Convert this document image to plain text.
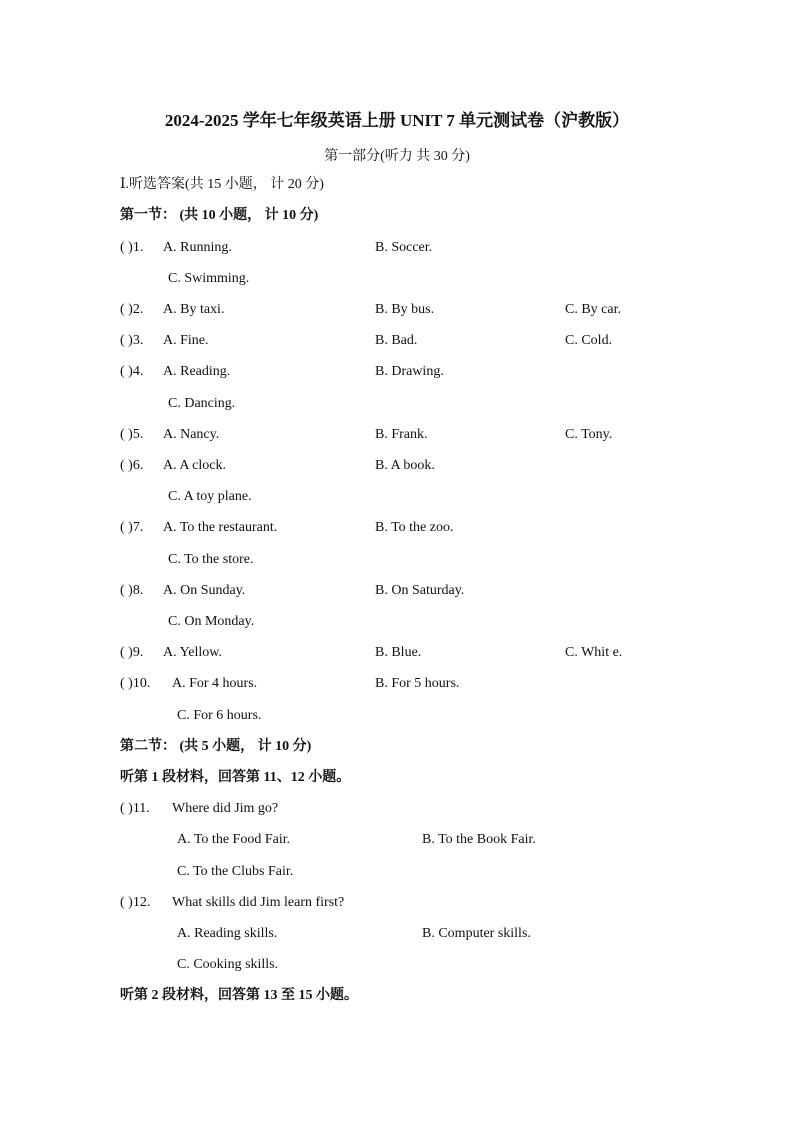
2024-2025 学年七年级英语上册 UNIT 7 单元测试卷（沪教版）
第一部分(听力 共 30 分)
Ⅰ.听选答案(共 15 小题， 计 20 分)
第一节： (共 10 小题， 计 10 分)
( )1. A. Running.	B. Soccer.
C. Swimming.
( )2. A. By taxi.	B. By bus.	C. By car.
( )3. A. Fine.	B. Bad.	C. Cold.
( )4. A. Reading.	B. Drawing.
C. Dancing.
( )5. A. Nancy.	B. Frank.	C. Tony.
( )6. A. A clock.	B. A book.
C. A toy plane.
( )7. A. To the restaurant.	B. To the zoo.
C. To the store.
( )8. A. On Sunday.	B. On Saturday.
C. On Monday.
( )9. A. Yellow.	B. Blue.	C. Whit e.
( )10. A. For 4 hours.	B. For 5 hours.
C. For 6 hours.
第二节： (共 5 小题， 计 10 分)
听第 1 段材料，回答第 11、12 小题。
( )11. Where did Jim go?
A. To the Food Fair.	B. To the Book Fair.
C. To the Clubs Fair.
( )12. What skills did Jim learn first?
A. Reading skills.	B. Computer skills.
C. Cooking skills.
听第 2 段材料，回答第 13 至 15 小题。
